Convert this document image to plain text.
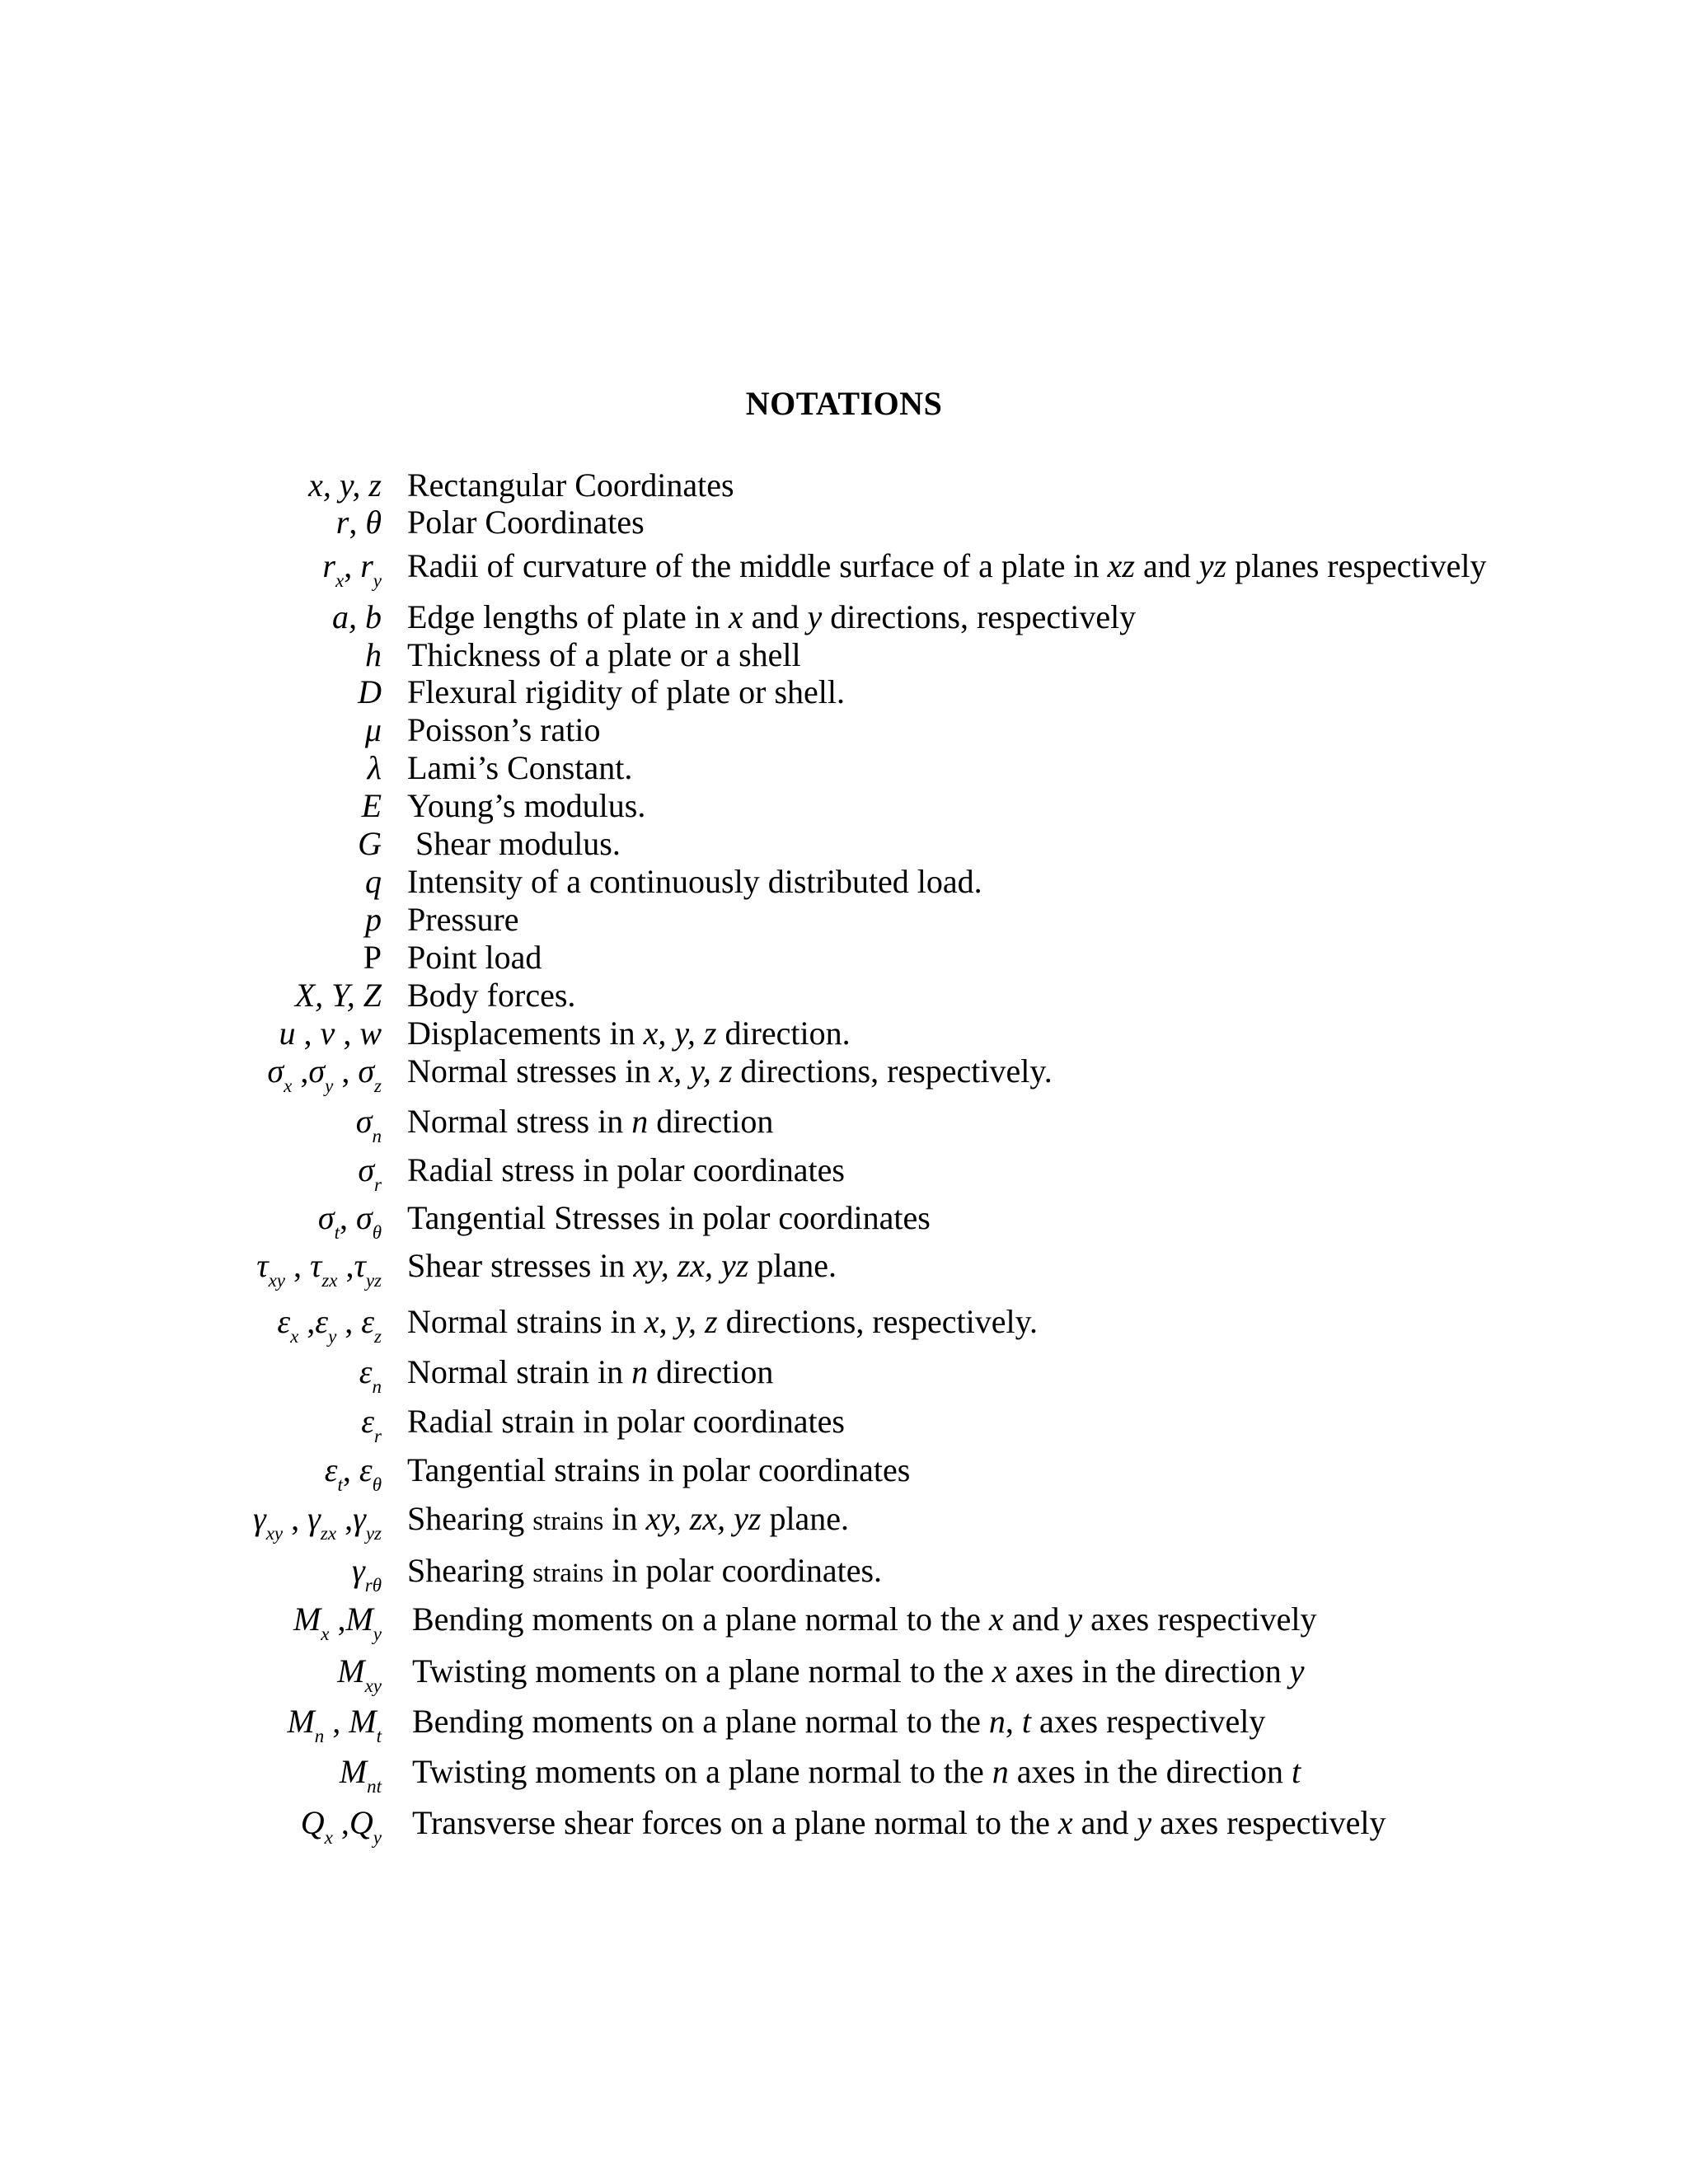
NOTATIONS
x, y, z Rectangular Coordinates
r, θ Polar Coordinates
$r_x$, $r_y$ Radii of curvature of the middle surface of a plate in xz and yz planes respectively
a, b Edge lengths of plate in x and y directions, respectively
h Thickness of a plate or a shell
D Flexural rigidity of plate or shell.
μ Poisson’s ratio
λ Lami’s Constant.
E Young’s modulus.
G Shear modulus.
q Intensity of a continuously distributed load.
p Pressure
P Point load
X, Y, Z Body forces.
u , v , w Displacements in x, y, z direction.
$\sigma_x$ $,\sigma_y$ , $\sigma_z$ Normal stresses in x, y, z directions, respectively.
$\sigma_n$ Normal stress in n direction
$\sigma_r$ Radial stress in polar coordinates
$\sigma_t$, $\sigma_\theta$ Tangential Stresses in polar coordinates
$\tau_{xy}$ , $\tau_{zx}$ $,\tau_{yz}$ Shear stresses in xy, zx, yz plane.
$\varepsilon_x$ $,\varepsilon_y$ , $\varepsilon_z$ Normal strains in x, y, z directions, respectively.
$\varepsilon_n$ Normal strain in n direction
$\varepsilon_r$ Radial strain in polar coordinates
$\varepsilon_t$, $\varepsilon_\theta$ Tangential strains in polar coordinates
$\gamma_{xy}$ , $\gamma_{zx}$ $,\gamma_{yz}$ Shearing strains in xy, zx, yz plane.
$\gamma_{r\theta}$ Shearing strains in polar coordinates.
$M_x$ $,M_y$ Bending moments on a plane normal to the x and y axes respectively
$M_{xy}$ Twisting moments on a plane normal to the x axes in the direction y
$M_n$ , $M_t$ Bending moments on a plane normal to the n, t axes respectively
$M_{nt}$ Twisting moments on a plane normal to the n axes in the direction t
$Q_x$ $,Q_y$ Transverse shear forces on a plane normal to the x and y axes respectively
